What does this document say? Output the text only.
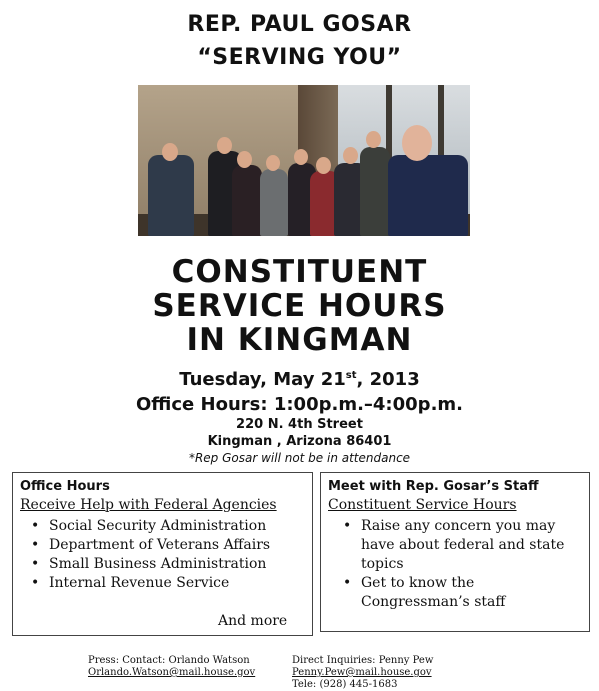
REP. PAUL GOSAR
“SERVING YOU”
CONSTITUENT
SERVICE HOURS
IN KINGMAN
Tuesday, May 21st, 2013
Office Hours: 1:00p.m.–4:00p.m.
220 N. 4th Street
Kingman , Arizona 86401
*Rep Gosar will not be in attendance
Office Hours
Receive Help with Federal Agencies
• Social Security Administration
• Department of Veterans Affairs
• Small Business Administration
• Internal Revenue Service
And more
Meet with Rep. Gosar’s Staff
Constituent Service Hours
• Raise any concern you may have about federal and state topics
• Get to know the Congressman’s staff
Press: Contact: Orlando Watson
Orlando.Watson@mail.house.gov
Direct Inquiries: Penny Pew
Penny.Pew@mail.house.gov
Tele: (928) 445-1683
